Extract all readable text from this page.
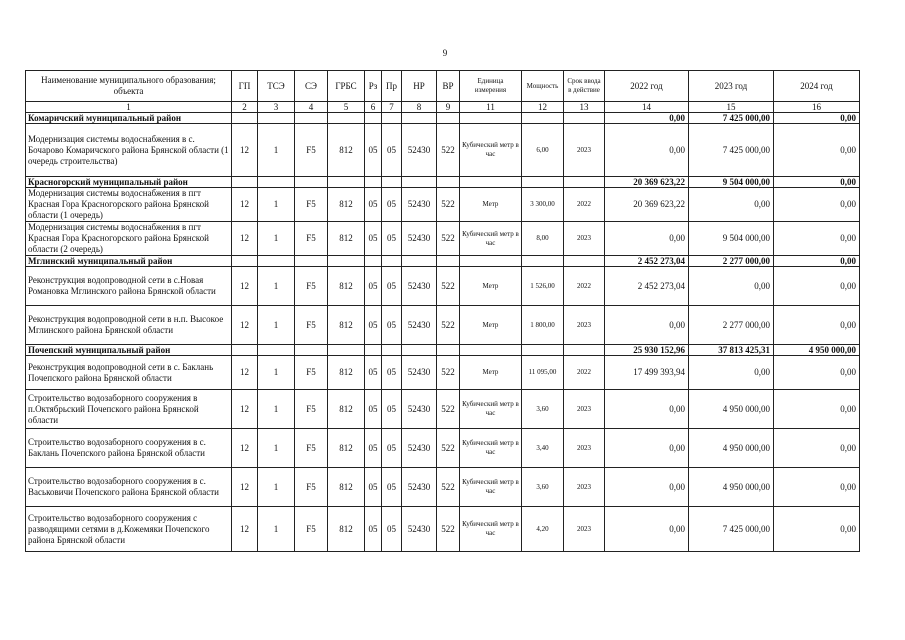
9
Наименование муниципального образования; объекта	ГП	ТСЭ	СЭ	ГРБС	Рз	Пр	НР	ВР	Единица измерения	Мощность	Срок ввода в действие	2022 год	2023 год	2024 год
1	2	3	4	5	6	7	8	9	11	12	13	14	15	16
Комаричский муниципальный район												0,00	7 425 000,00	0,00
Модернизация системы водоснабжения в с. Бочарово Комаричского района Брянской области (1 очередь строительства)	12	1	F5	812	05	05	52430	522	Кубический метр в час	6,00	2023	0,00	7 425 000,00	0,00
Красногорский муниципальный район												20 369 623,22	9 504 000,00	0,00
Модернизация системы водоснабжения в пгт Красная Гора Красногорского района Брянской области (1 очередь)	12	1	F5	812	05	05	52430	522	Метр	3 300,00	2022	20 369 623,22	0,00	0,00
Модернизация системы водоснабжения в пгт Красная Гора Красногорского района Брянской области (2 очередь)	12	1	F5	812	05	05	52430	522	Кубический метр в час	8,00	2023	0,00	9 504 000,00	0,00
Мглинский муниципальный район												2 452 273,04	2 277 000,00	0,00
Реконструкция водопроводной сети в с.Новая Романовка Мглинского района Брянской области	12	1	F5	812	05	05	52430	522	Метр	1 526,00	2022	2 452 273,04	0,00	0,00
Реконструкция водопроводной сети в н.п. Высокое Мглинского района Брянской области	12	1	F5	812	05	05	52430	522	Метр	1 800,00	2023	0,00	2 277 000,00	0,00
Почепский муниципальный район												25 930 152,96	37 813 425,31	4 950 000,00
Реконструкция водопроводной сети в с. Баклань Почепского района Брянской области	12	1	F5	812	05	05	52430	522	Метр	11 095,00	2022	17 499 393,94	0,00	0,00
Строительство водозаборного сооружения в п.Октябрьский Почепского района Брянской области	12	1	F5	812	05	05	52430	522	Кубический метр в час	3,60	2023	0,00	4 950 000,00	0,00
Строительство водозаборного сооружения в с. Баклань Почепского района Брянской области	12	1	F5	812	05	05	52430	522	Кубический метр в час	3,40	2023	0,00	4 950 000,00	0,00
Строительство водозаборного сооружения в с. Васьковичи Почепского района Брянской области	12	1	F5	812	05	05	52430	522	Кубический метр в час	3,60	2023	0,00	4 950 000,00	0,00
Строительство водозаборного сооружения с разводящими сетями в д.Кожемяки Почепского района Брянской области	12	1	F5	812	05	05	52430	522	Кубический метр в час	4,20	2023	0,00	7 425 000,00	0,00
